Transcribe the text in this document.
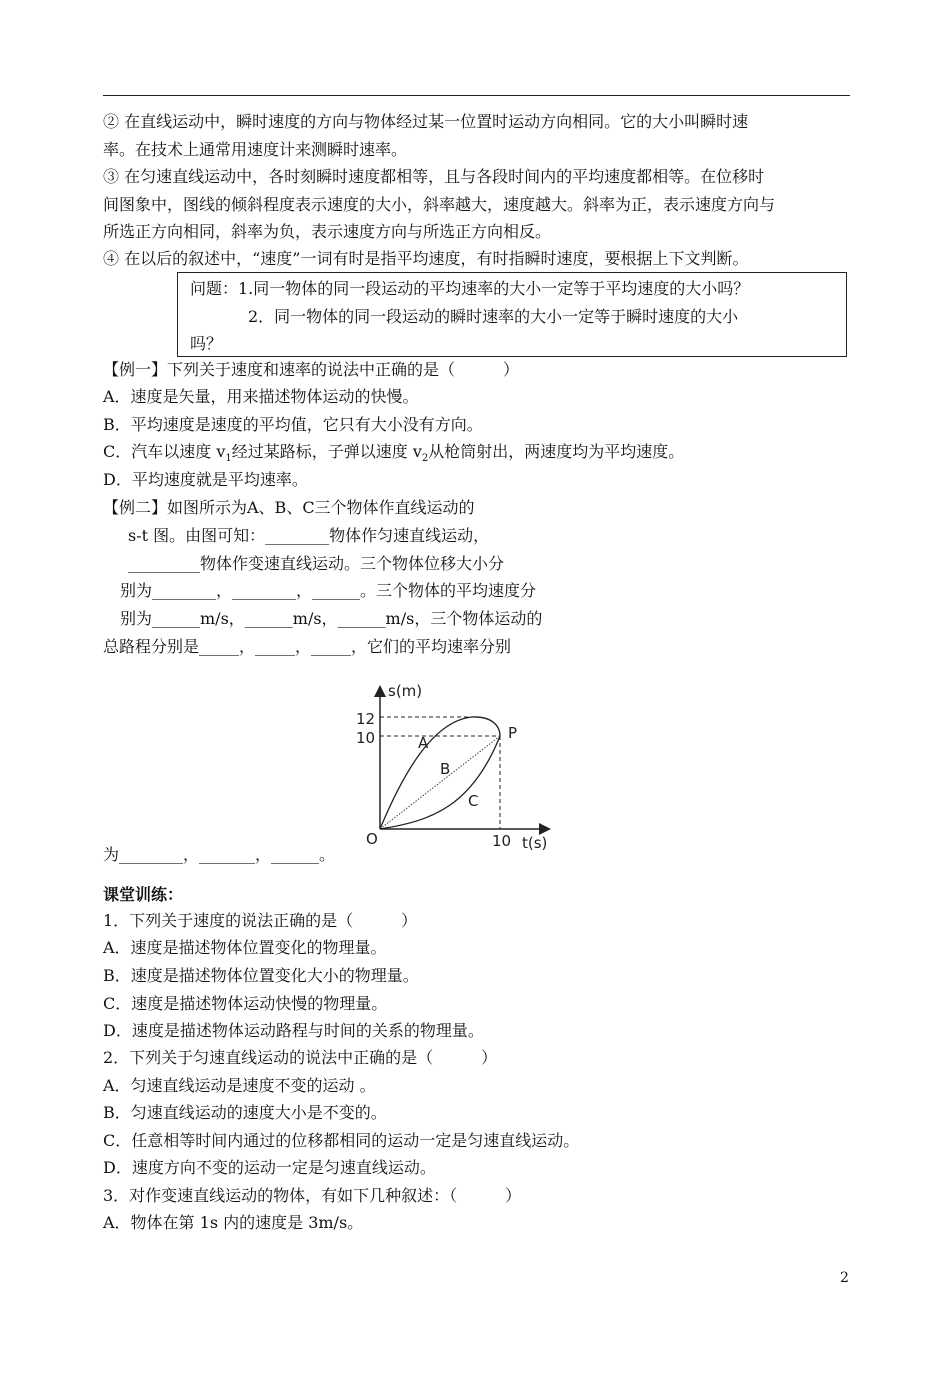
② 在直线运动中，瞬时速度的方向与物体经过某一位置时运动方向相同。它的大小叫瞬时速
率。在技术上通常用速度计来测瞬时速率。
③ 在匀速直线运动中，各时刻瞬时速度都相等，且与各段时间内的平均速度都相等。在位移时
间图象中，图线的倾斜程度表示速度的大小，斜率越大，速度越大。斜率为正，表示速度方向与
所选正方向相同，斜率为负，表示速度方向与所选正方向相反。
④ 在以后的叙述中，“速度”一词有时是指平均速度，有时指瞬时速度，要根据上下文判断。
问题：1.同一物体的同一段运动的平均速率的大小一定等于平均速度的大小吗？
2．同一物体的同一段运动的瞬时速率的大小一定等于瞬时速度的大小
吗？
【例一】下列关于速度和速率的说法中正确的是（　　　）
A．速度是矢量，用来描述物体运动的快慢。
B．平均速度是速度的平均值，它只有大小没有方向。
C．汽车以速度 $v_1$经过某路标，子弹以速度 $v_2$从枪筒射出，两速度均为平均速度。
D．平均速度就是平均速率。
【例二】如图所示为A、B、C三个物体作直线运动的
s-t 图。由图可知：________物体作匀速直线运动，
_________物体作变速直线运动。三个物体位移大小分
别为________，________，______。三个物体的平均速度分
别为______m/s，______m/s，______m/s，三个物体运动的
总路程分别是_____，_____，_____，它们的平均速率分别
为________，_______，______。
s(m)
12
10
O	10 t(s)
P
A
B
C
课堂训练：
1．下列关于速度的说法正确的是（　　　）
A．速度是描述物体位置变化的物理量。
B．速度是描述物体位置变化大小的物理量。
C．速度是描述物体运动快慢的物理量。
D．速度是描述物体运动路程与时间的关系的物理量。
2．下列关于匀速直线运动的说法中正确的是（　　　）
A．匀速直线运动是速度不变的运动 。
B．匀速直线运动的速度大小是不变的。
C．任意相等时间内通过的位移都相同的运动一定是匀速直线运动。
D．速度方向不变的运动一定是匀速直线运动。
3．对作变速直线运动的物体，有如下几种叙述：（　　　）
A．物体在第 1s 内的速度是 3m/s。
2
